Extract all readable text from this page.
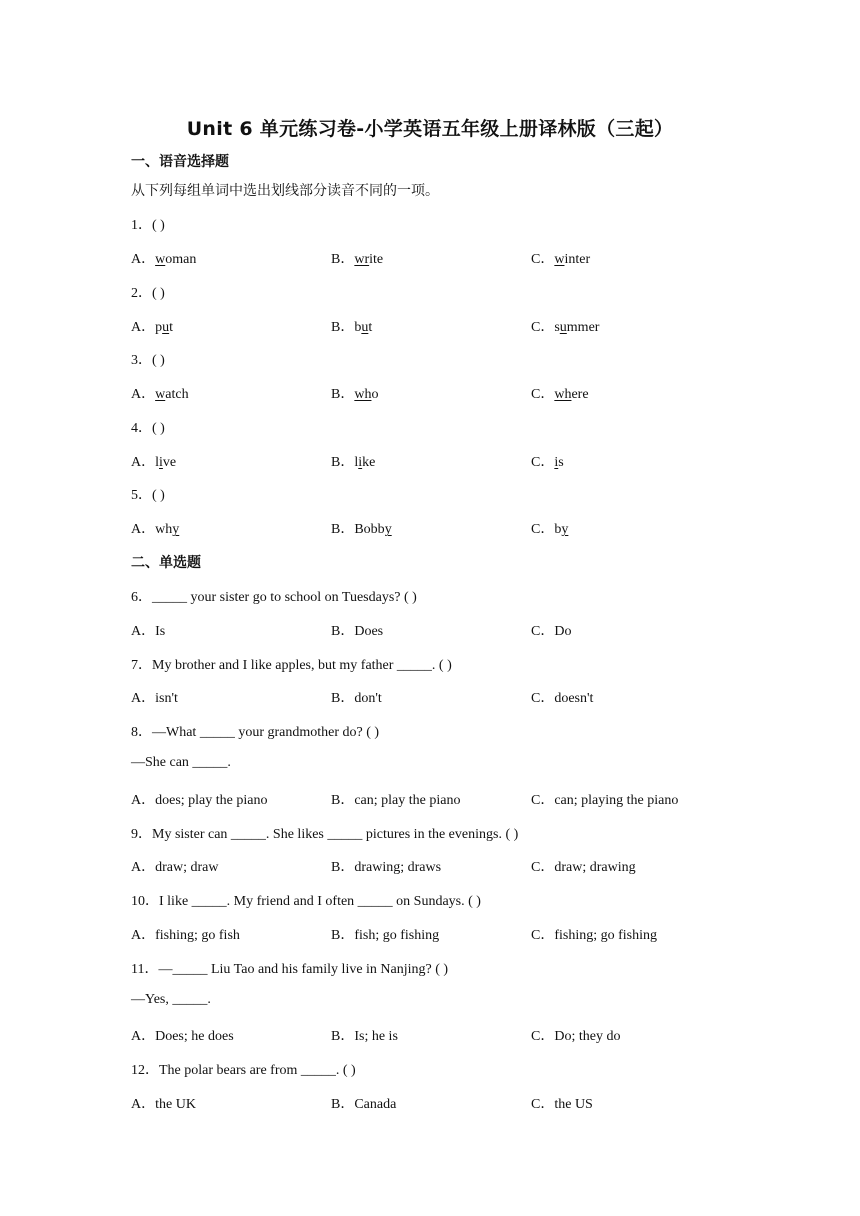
Unit 6 单元练习卷-小学英语五年级上册译林版（三起）
一、语音选择题
从下列每组单词中选出划线部分读音不同的一项。
1．( )
A．woman	B．write	C．winter
2．( )
A．put	B．but	C．summer
3．( )
A．watch	B．who	C．where
4．( )
A．live	B．like	C．is
5．( )
A．why	B．Bobby	C．by
二、单选题
6．_____ your sister go to school on Tuesdays? ( )
A．Is	B．Does	C．Do
7．My brother and I like apples, but my father _____. ( )
A．isn't	B．don't	C．doesn't
8．—What _____ your grandmother do? ( )
—She can _____.
A．does; play the piano	B．can; play the piano	C．can; playing the piano
9．My sister can _____. She likes _____ pictures in the evenings. ( )
A．draw; draw	B．drawing; draws	C．draw; drawing
10．I like _____. My friend and I often _____ on Sundays. ( )
A．fishing; go fish	B．fish; go fishing	C．fishing; go fishing
11．—_____ Liu Tao and his family live in Nanjing? ( )
—Yes, _____.
A．Does; he does	B．Is; he is	C．Do; they do
12．The polar bears are from _____. ( )
A．the UK	B．Canada	C．the US
